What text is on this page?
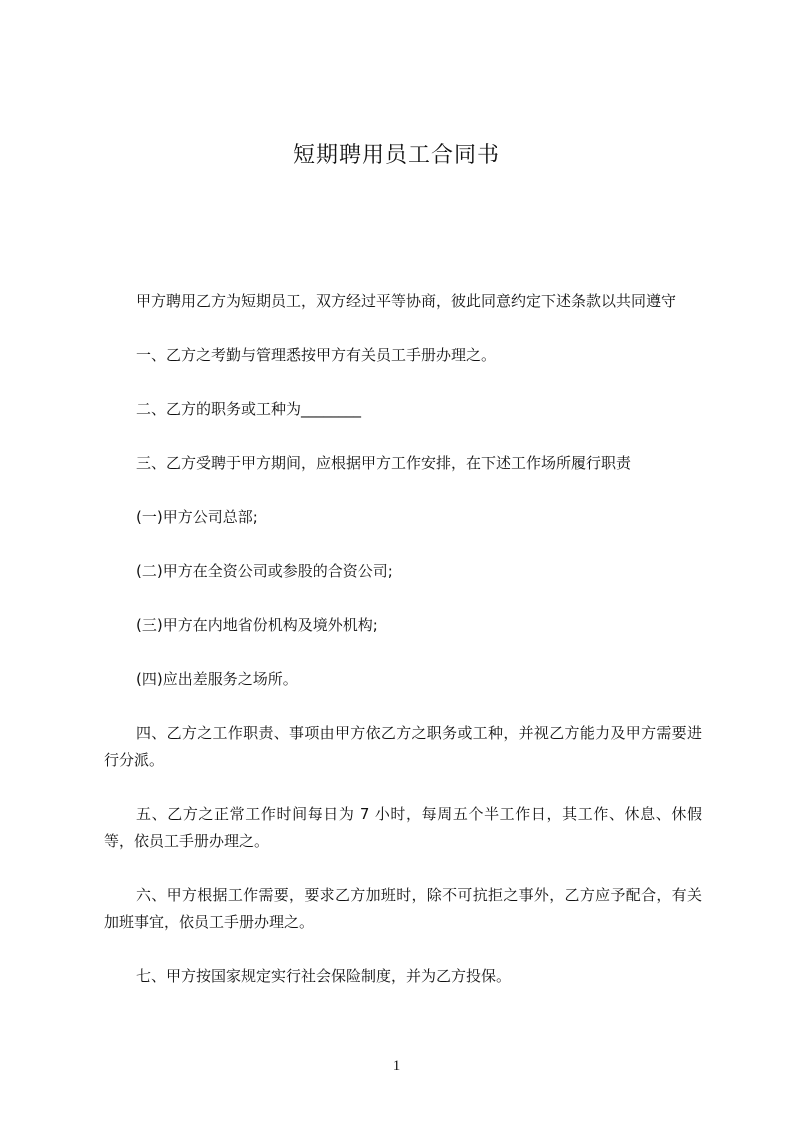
短期聘用员工合同书

甲方聘用乙方为短期员工，双方经过平等协商，彼此同意约定下述条款以共同遵守

一、乙方之考勤与管理悉按甲方有关员工手册办理之。

二、乙方的职务或工种为________

三、乙方受聘于甲方期间，应根据甲方工作安排，在下述工作场所履行职责

(一)甲方公司总部;

(二)甲方在全资公司或参股的合资公司;

(三)甲方在内地省份机构及境外机构;

(四)应出差服务之场所。

四、乙方之工作职责、事项由甲方依乙方之职务或工种，并视乙方能力及甲方需要进行分派。

五、乙方之正常工作时间每日为 7 小时，每周五个半工作日，其工作、休息、休假等，依员工手册办理之。

六、甲方根据工作需要，要求乙方加班时，除不可抗拒之事外，乙方应予配合，有关加班事宜，依员工手册办理之。

七、甲方按国家规定实行社会保险制度，并为乙方投保。

1
